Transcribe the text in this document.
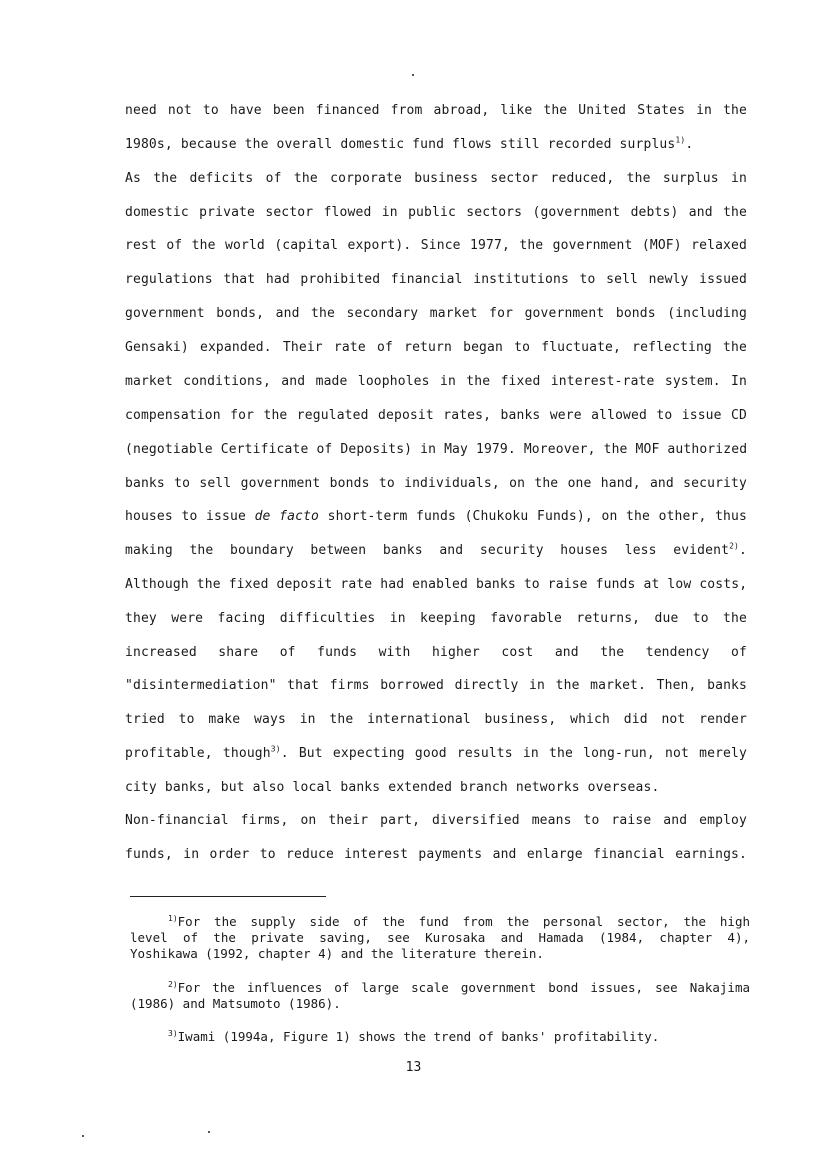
need not to have been financed from abroad, like the United States in the
1980s, because the overall domestic fund flows still recorded surplus$^{1)}$.
As the deficits of the corporate business sector reduced, the surplus in
domestic private sector flowed in public sectors (government debts) and the
rest of the world (capital export). Since 1977, the government (MOF) relaxed
regulations that had prohibited financial institutions to sell newly issued
government bonds, and the secondary market for government bonds (including
Gensaki) expanded. Their rate of return began to fluctuate, reflecting the
market conditions, and made loopholes in the fixed interest-rate system. In
compensation for the regulated deposit rates, banks were allowed to issue CD
(negotiable Certificate of Deposits) in May 1979. Moreover, the MOF authorized
banks to sell government bonds to individuals, on the one hand, and security
houses to issue de facto short-term funds (Chukoku Funds), on the other, thus
making the boundary between banks and security houses less evident$^{2)}$.
Although the fixed deposit rate had enabled banks to raise funds at low costs,
they were facing difficulties in keeping favorable returns, due to the
increased share of funds with higher cost and the tendency of
"disintermediation" that firms borrowed directly in the market. Then, banks
tried to make ways in the international business, which did not render
profitable, though$^{3)}$. But expecting good results in the long-run, not merely
city banks, but also local banks extended branch networks overseas.
Non-financial firms, on their part, diversified means to raise and employ
funds, in order to reduce interest payments and enlarge financial earnings.
$^{1)}$For the supply side of the fund from the personal sector, the high
level of the private saving, see Kurosaka and Hamada (1984, chapter 4),
Yoshikawa (1992, chapter 4) and the literature therein.
$^{2)}$For the influences of large scale government bond issues, see Nakajima
(1986) and Matsumoto (1986).
$^{3)}$Iwami (1994a, Figure 1) shows the trend of banks' profitability.
13
